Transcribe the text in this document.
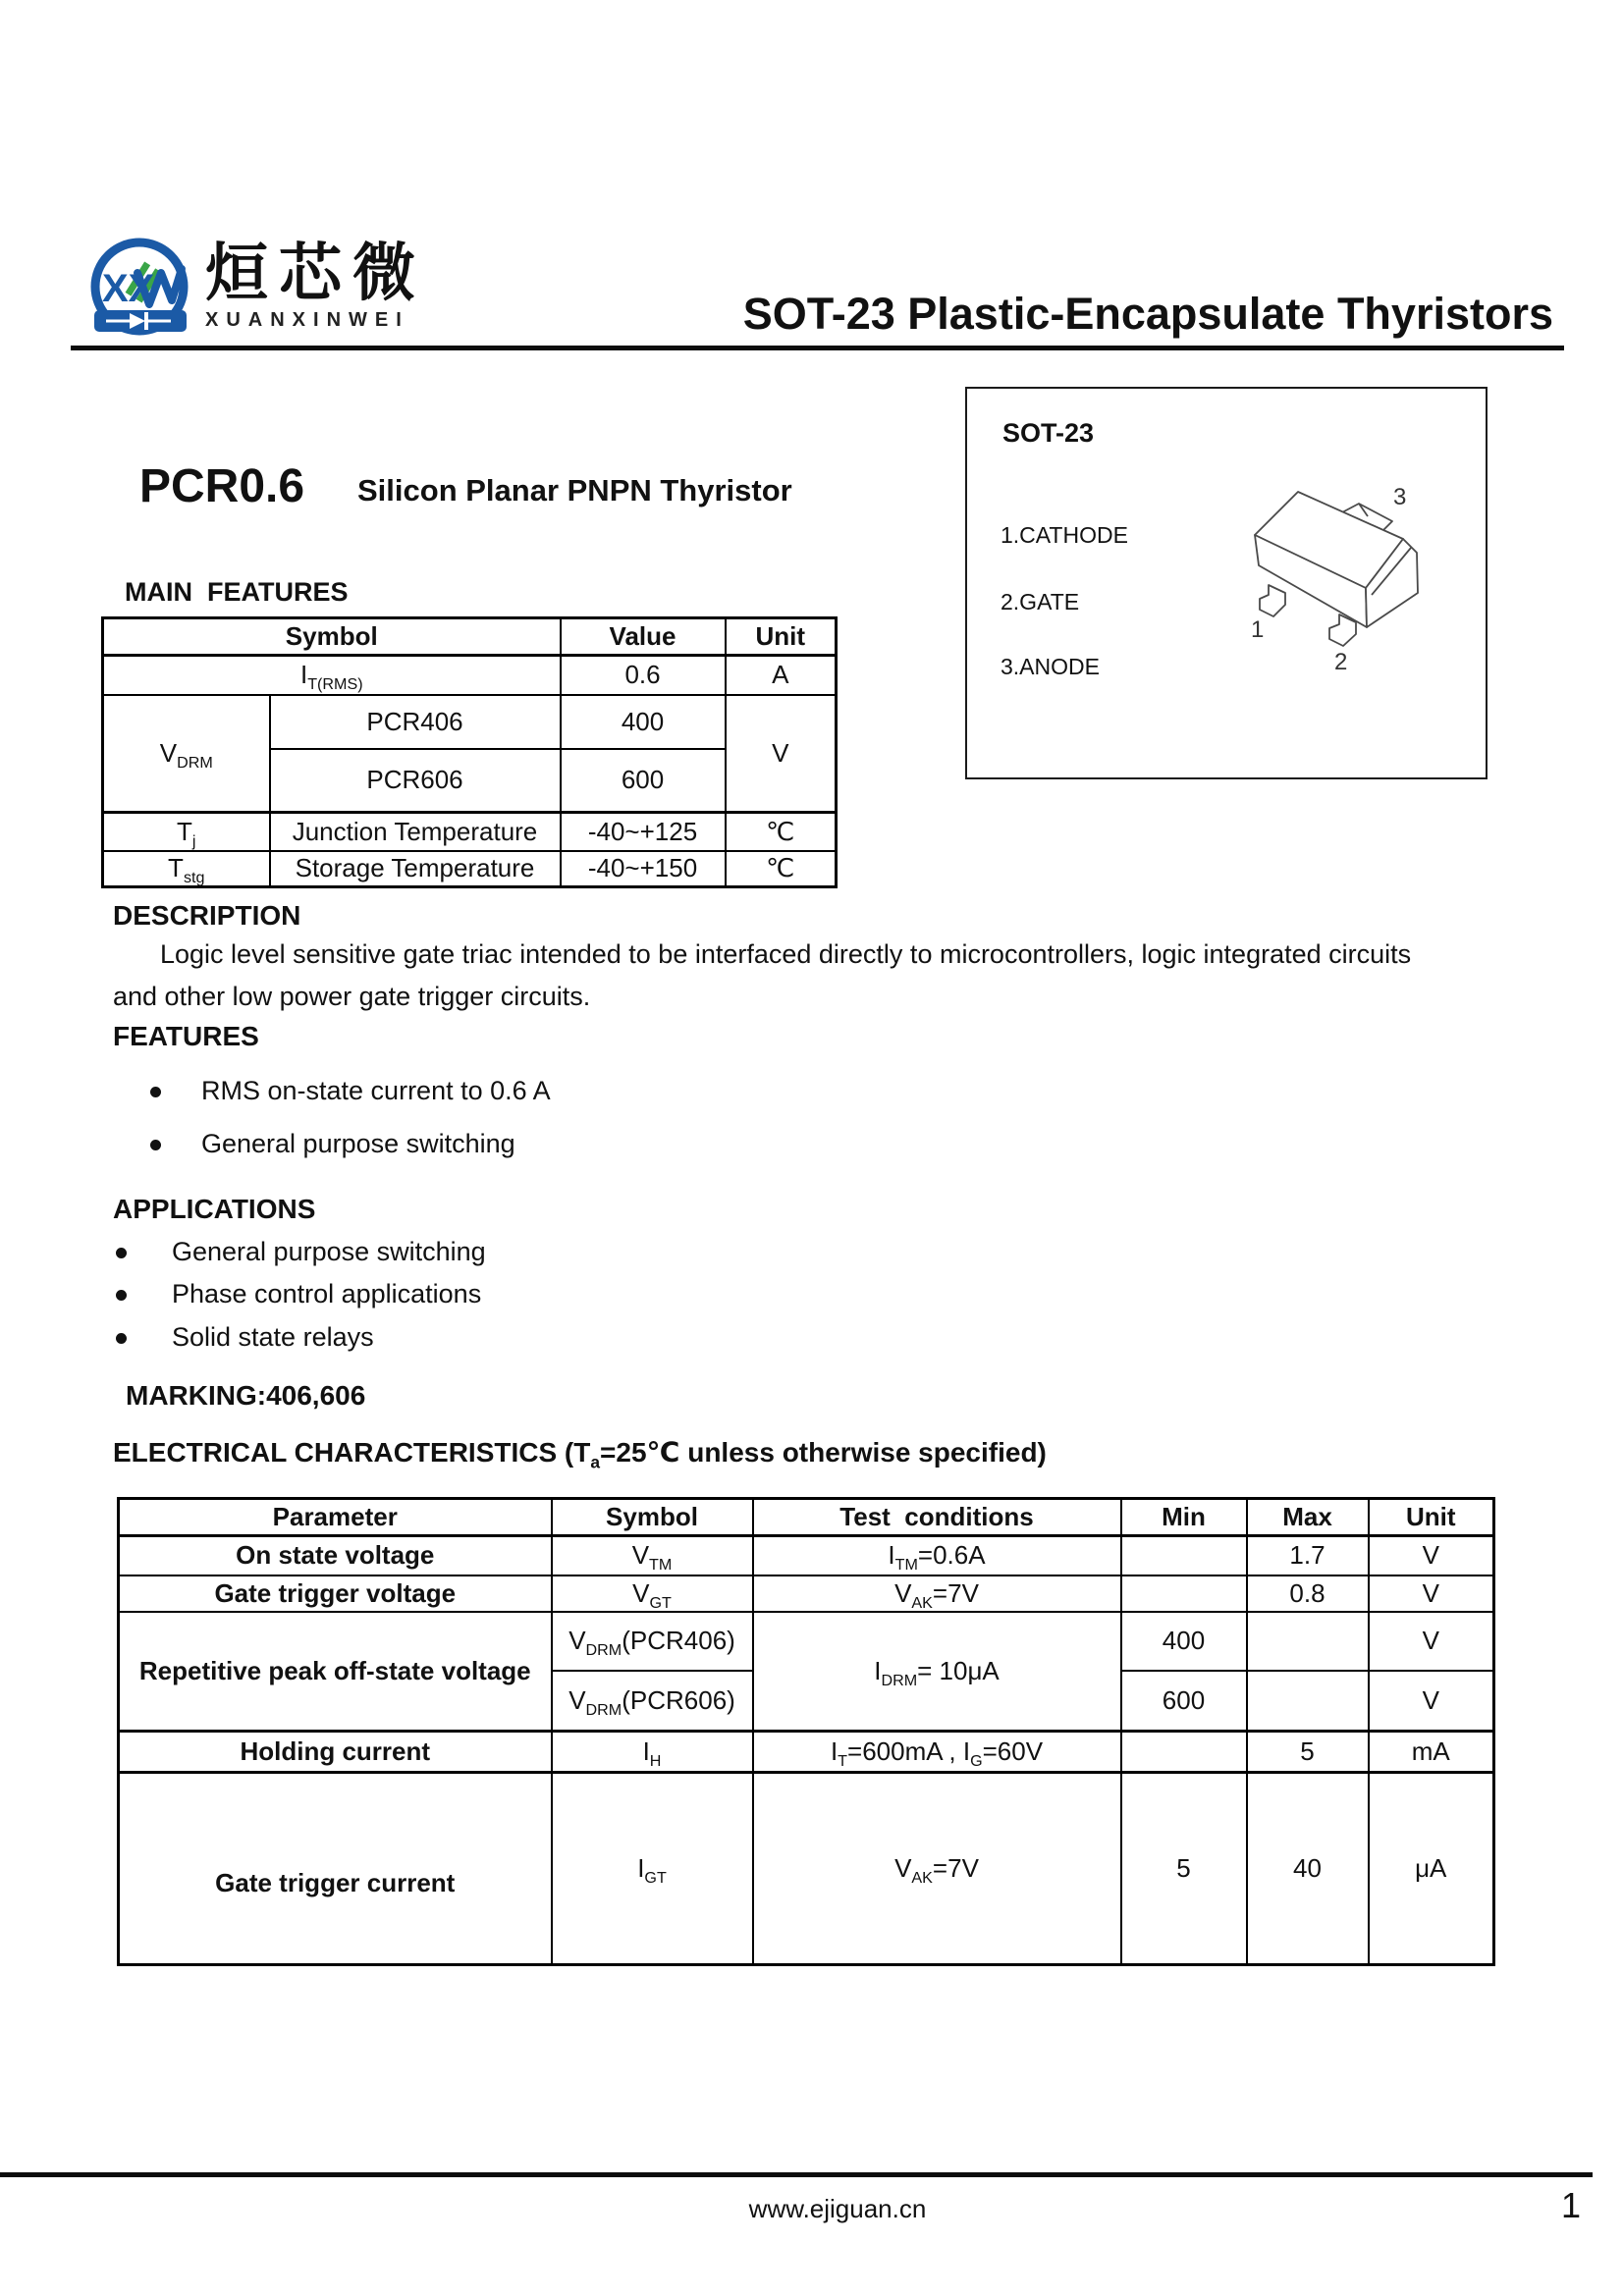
XX 烜芯微
XUANXINWEI	SOT-23 Plastic-Encapsulate Thyristors
PCR0.6 Silicon Planar PNPN Thyristor
SOT-23
1.CATHODE
2.GATE
3.ANODE
1
2
3
MAIN  FEATURES
Symbol		Value	Unit
$I_{T(RMS)}$		0.6	A
$V_{DRM}$	PCR406	400	V
	PCR606	600	
$T_j$	Junction Temperature	-40~+125	℃
$T_{stg}$	Storage Temperature	-40~+150	℃
DESCRIPTION
Logic level sensitive gate triac intended to be interfaced directly to microcontrollers, logic integrated circuits
and other low power gate trigger circuits.
FEATURES
RMS on-state current to 0.6 A
General purpose switching
APPLICATIONS
General purpose switching
Phase control applications
Solid state relays
MARKING:406,606
ELECTRICAL CHARACTERISTICS ($T_a=25℃$ unless otherwise specified)
Parameter	Symbol	Test  conditions	Min	Max	Unit
On state voltage	$V_{TM}$	$I_{TM}=0.6A$		1.7	V
Gate trigger voltage	$V_{GT}$	$V_{AK}=7V$		0.8	V
Repetitive peak off-state voltage	$V_{DRM}(PCR406)$	$I_{DRM}= 10\mu A$	400		V
	$V_{DRM}(PCR606)$		600		V
Holding current	$I_H$	$I_T=600mA$ , $I_G=60V$		5	mA
Gate trigger current	$I_{GT}$	$V_{AK}=7V$	5	40	μA
www.ejiguan.cn	1
